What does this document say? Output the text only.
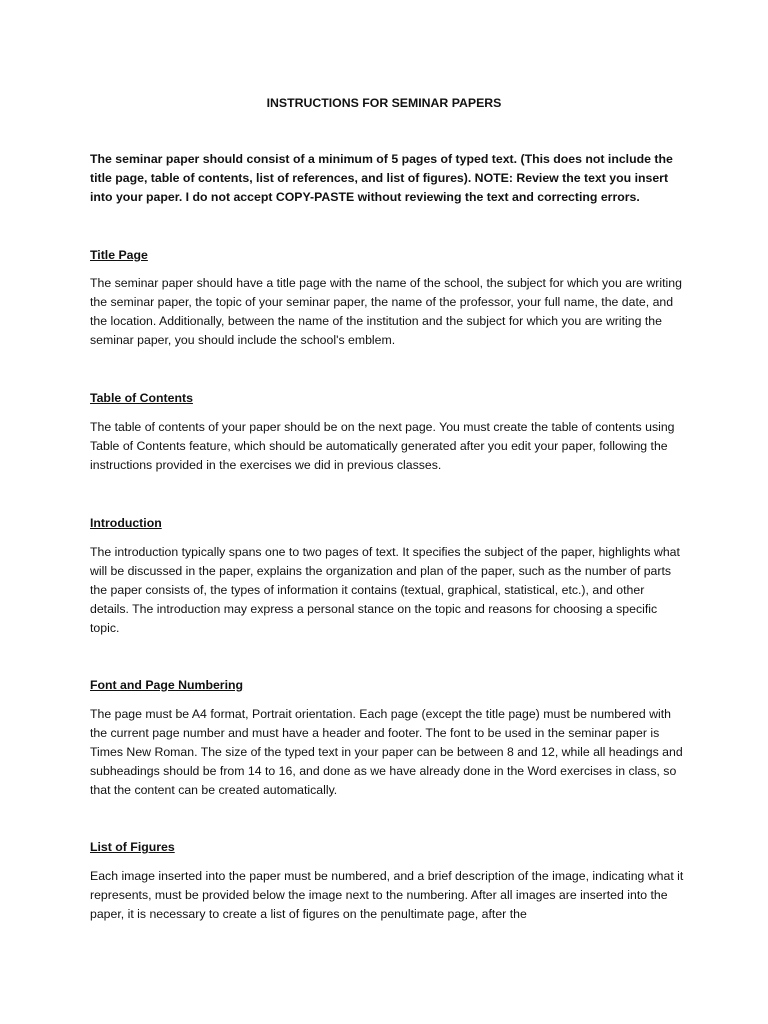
INSTRUCTIONS FOR SEMINAR PAPERS

The seminar paper should consist of a minimum of 5 pages of typed text. (This does not include the title page, table of contents, list of references, and list of figures). NOTE: Review the text you insert into your paper. I do not accept COPY-PASTE without reviewing the text and correcting errors.

Title Page

The seminar paper should have a title page with the name of the school, the subject for which you are writing the seminar paper, the topic of your seminar paper, the name of the professor, your full name, the date, and the location. Additionally, between the name of the institution and the subject for which you are writing the seminar paper, you should include the school's emblem.

Table of Contents

The table of contents of your paper should be on the next page. You must create the table of contents using Table of Contents feature, which should be automatically generated after you edit your paper, following the instructions provided in the exercises we did in previous classes.

Introduction

The introduction typically spans one to two pages of text. It specifies the subject of the paper, highlights what will be discussed in the paper, explains the organization and plan of the paper, such as the number of parts the paper consists of, the types of information it contains (textual, graphical, statistical, etc.), and other details. The introduction may express a personal stance on the topic and reasons for choosing a specific topic.

Font and Page Numbering

The page must be A4 format, Portrait orientation. Each page (except the title page) must be numbered with the current page number and must have a header and footer. The font to be used in the seminar paper is Times New Roman. The size of the typed text in your paper can be between 8 and 12, while all headings and subheadings should be from 14 to 16, and done as we have already done in the Word exercises in class, so that the content can be created automatically.

List of Figures

Each image inserted into the paper must be numbered, and a brief description of the image, indicating what it represents, must be provided below the image next to the numbering. After all images are inserted into the paper, it is necessary to create a list of figures on the penultimate page, after the
